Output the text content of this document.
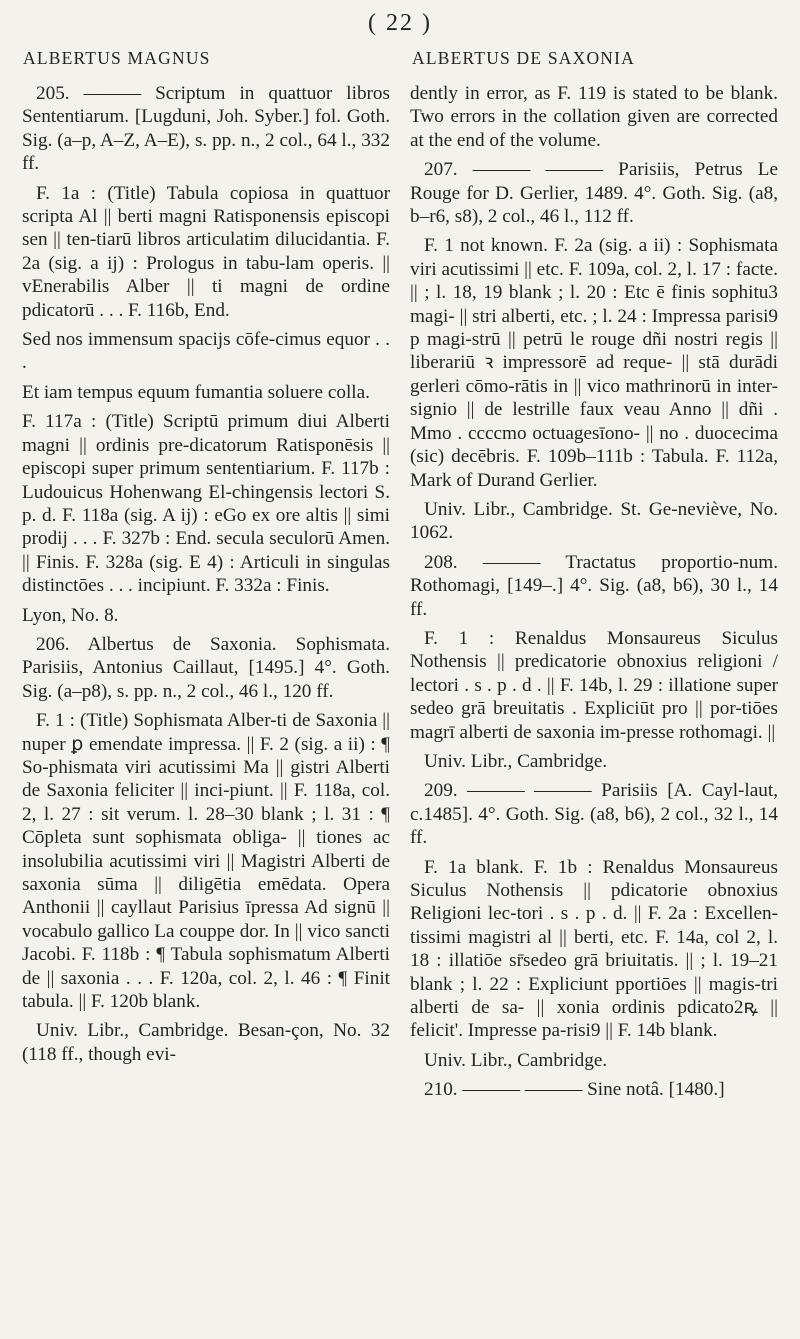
( 22 )
ALBERTUS MAGNUS	ALBERTUS DE SAXONIA

205. ——— Scriptum in quattuor libros Sententiarum. [Lugduni, Joh. Syber.] fol. Goth. Sig. (a–p, A–Z, A–E), s. pp. n., 2 col., 64 l., 332 ff.

F. 1a : (Title) Tabula copiosa in quattuor scripta Al || berti magni Ratisponensis episcopi sen || ten-tiarū libros articulatim dilucidantia. F. 2a (sig. a ij) : Prologus in tabu-lam operis. || vEnerabilis Alber || ti magni de ordine pdicatorū . . . F. 116b, End.

Sed nos immensum spacijs cōfe-cimus equor . . .

Et iam tempus equum fumantia soluere colla.

F. 117a : (Title) Scriptū primum diui Alberti magni || ordinis pre-dicatorum Ratisponēsis || episcopi super primum sententiarium. F. 117b : Ludouicus Hohenwang El-chingensis lectori S. p. d. F. 118a (sig. A ij) : eGo ex ore altis || simi prodij . . . F. 327b : End. secula seculorū Amen. || Finis. F. 328a (sig. E 4) : Articuli in singulas distinctōes . . . incipiunt. F. 332a : Finis.

Lyon, No. 8.

206. Albertus de Saxonia. Sophismata. Parisiis, Antonius Caillaut, [1495.] 4°. Goth. Sig. (a–p8), s. pp. n., 2 col., 46 l., 120 ff.

F. 1 : (Title) Sophismata Alber-ti de Saxonia || nuper ꝑ emendate impressa. || F. 2 (sig. a ii) : ¶ So-phismata viri acutissimi Ma || gistri Alberti de Saxonia feliciter || inci-piunt. || F. 118a, col. 2, l. 27 : sit verum. l. 28–30 blank ; l. 31 : ¶ Cōpleta sunt sophismata obliga- || tiones ac insolubilia acutissimi viri || Magistri Alberti de saxonia sūma || diligētia emēdata. Opera Anthonii || cayllaut Parisius īpressa Ad signū || vocabulo gallico La couppe dor. In || vico sancti Jacobi. F. 118b : ¶ Tabula sophismatum Alberti de || saxonia . . . F. 120a, col. 2, l. 46 : ¶ Finit tabula. || F. 120b blank.

Univ. Libr., Cambridge. Besan-çon, No. 32 (118 ff., though evi-

dently in error, as F. 119 is stated to be blank. Two errors in the collation given are corrected at the end of the volume.

207. ——— ——— Parisiis, Petrus Le Rouge for D. Gerlier, 1489. 4°. Goth. Sig. (a8, b–r6, s8), 2 col., 46 l., 112 ff.

F. 1 not known. F. 2a (sig. a ii) : Sophismata viri acutissimi || etc. F. 109a, col. 2, l. 17 : facte. || ; l. 18, 19 blank ; l. 20 : Etc ē finis sophitu3 magi- || stri alberti, etc. ; l. 24 : Impressa parisi9 p magi-strū || petrū le rouge dñi nostri regis || liberariū ꝛ impressorē ad reque- || stā durādi gerleri cōmo-rātis in || vico mathrinorū in inter-signio || de lestrille faux veau Anno || dñi . Mmo . ccccmo octuagesīono- || no . duocecima (sic) decēbris. F. 109b–111b : Tabula. F. 112a, Mark of Durand Gerlier.

Univ. Libr., Cambridge. St. Ge-neviève, No. 1062.

208. ——— Tractatus proportio-num. Rothomagi, [149–.] 4°. Sig. (a8, b6), 30 l., 14 ff.

F. 1 : Renaldus Monsaureus Siculus Nothensis || predicatorie obnoxius religioni / lectori . s . p . d . || F. 14b, l. 29 : illatione super sedeo grā breuitatis . Expliciūt pro || por-tiōes magrī alberti de saxonia im-presse rothomagi. ||

Univ. Libr., Cambridge.

209. ——— ——— Parisiis [A. Cayl-laut, c.1485]. 4°. Goth. Sig. (a8, b6), 2 col., 32 l., 14 ff.

F. 1a blank. F. 1b : Renaldus Monsaureus Siculus Nothensis || pdicatorie obnoxius Religioni lec-tori . s . p . d. || F. 2a : Excellen-tissimi magistri al || berti, etc. F. 14a, col 2, l. 18 : illatiōe sr̄sedeo grā briuitatis. || ; l. 19–21 blank ; l. 22 : Expliciunt pportiōes || magis-tri alberti de sa- || xonia ordinis pdicato2ꝶ || felicit'. Impresse pa-risi9 || F. 14b blank.

Univ. Libr., Cambridge.

210. ——— ——— Sine notâ. [1480.]
